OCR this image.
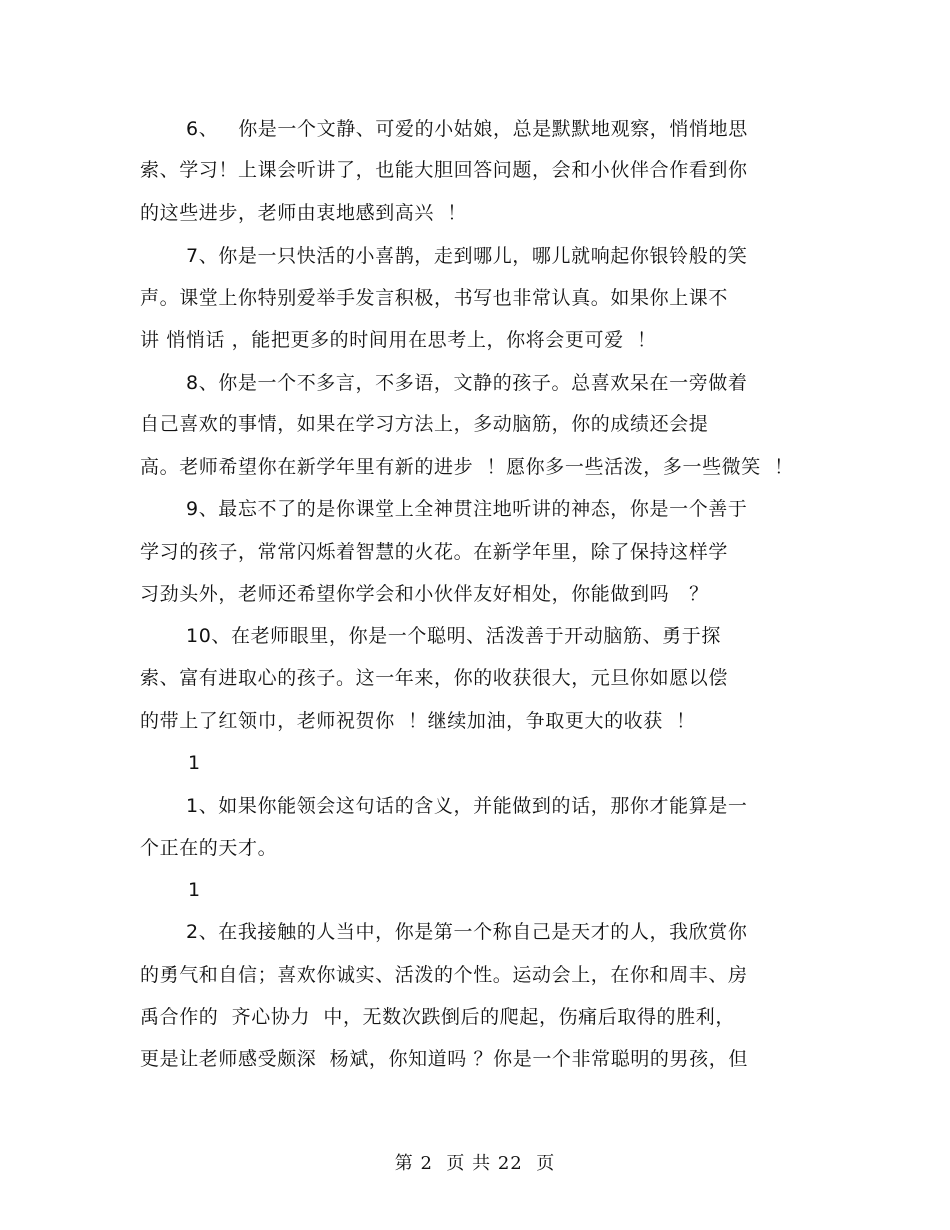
6、   你是一个文静、可爱的小姑娘，总是默默地观察，悄悄地思
索、学习！上课会听讲了，也能大胆回答问题，会和小伙伴合作看到你
的这些进步，老师由衷地感到高兴  ！
7、你是一只快活的小喜鹊，走到哪儿，哪儿就响起你银铃般的笑
声。课堂上你特别爱举手发言积极，书写也非常认真。如果你上课不
讲 悄悄话 ，能把更多的时间用在思考上，你将会更可爱  ！
8、你是一个不多言，不多语，文静的孩子。总喜欢呆在一旁做着
自己喜欢的事情，如果在学习方法上，多动脑筋，你的成绩还会提
高。老师希望你在新学年里有新的进步  ！愿你多一些活泼，多一些微笑  ！
9、最忘不了的是你课堂上全神贯注地听讲的神态，你是一个善于
学习的孩子，常常闪烁着智慧的火花。在新学年里，除了保持这样学
习劲头外，老师还希望你学会和小伙伴友好相处，你能做到吗   ？
10、在老师眼里，你是一个聪明、活泼善于开动脑筋、勇于探
索、富有进取心的孩子。这一年来，你的收获很大，元旦你如愿以偿
的带上了红领巾，老师祝贺你  ！继续加油，争取更大的收获  ！
1
1、如果你能领会这句话的含义，并能做到的话，那你才能算是一
个正在的天才。
1
2、在我接触的人当中，你是第一个称自己是天才的人，我欣赏你
的勇气和自信；喜欢你诚实、活泼的个性。运动会上，在你和周丰、房
禹合作的  齐心协力  中，无数次跌倒后的爬起，伤痛后取得的胜利，
更是让老师感受颇深  杨斌，你知道吗 ？你是一个非常聪明的男孩，但
第 2  页 共 22  页
